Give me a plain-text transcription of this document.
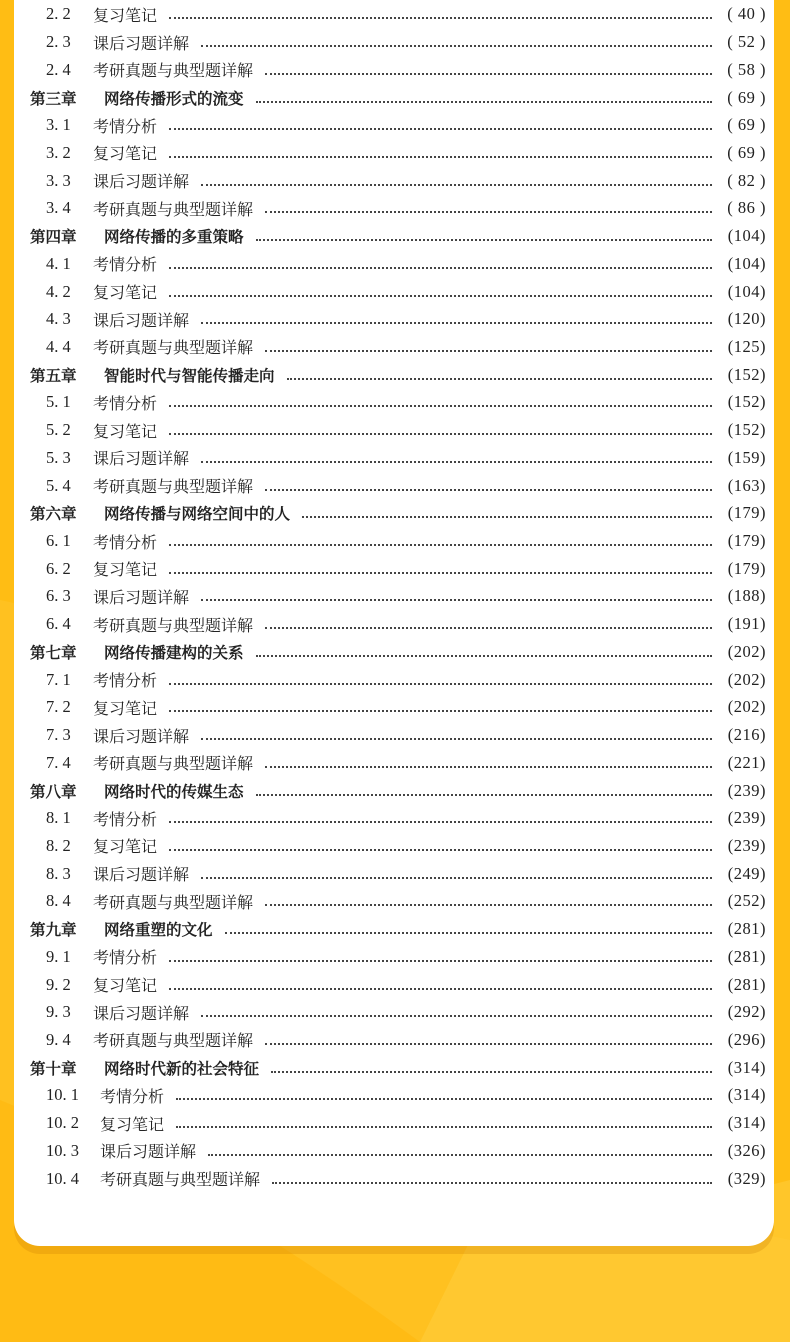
2. 2	复习笔记	( 40 )
2. 3	课后习题详解	( 52 )
2. 4	考研真题与典型题详解	( 58 )
第三章	网络传播形式的流变	( 69 )
3. 1	考情分析	( 69 )
3. 2	复习笔记	( 69 )
3. 3	课后习题详解	( 82 )
3. 4	考研真题与典型题详解	( 86 )
第四章	网络传播的多重策略	(104)
4. 1	考情分析	(104)
4. 2	复习笔记	(104)
4. 3	课后习题详解	(120)
4. 4	考研真题与典型题详解	(125)
第五章	智能时代与智能传播走向	(152)
5. 1	考情分析	(152)
5. 2	复习笔记	(152)
5. 3	课后习题详解	(159)
5. 4	考研真题与典型题详解	(163)
第六章	网络传播与网络空间中的人	(179)
6. 1	考情分析	(179)
6. 2	复习笔记	(179)
6. 3	课后习题详解	(188)
6. 4	考研真题与典型题详解	(191)
第七章	网络传播建构的关系	(202)
7. 1	考情分析	(202)
7. 2	复习笔记	(202)
7. 3	课后习题详解	(216)
7. 4	考研真题与典型题详解	(221)
第八章	网络时代的传媒生态	(239)
8. 1	考情分析	(239)
8. 2	复习笔记	(239)
8. 3	课后习题详解	(249)
8. 4	考研真题与典型题详解	(252)
第九章	网络重塑的文化	(281)
9. 1	考情分析	(281)
9. 2	复习笔记	(281)
9. 3	课后习题详解	(292)
9. 4	考研真题与典型题详解	(296)
第十章	网络时代新的社会特征	(314)
10. 1	考情分析	(314)
10. 2	复习笔记	(314)
10. 3	课后习题详解	(326)
10. 4	考研真题与典型题详解	(329)
